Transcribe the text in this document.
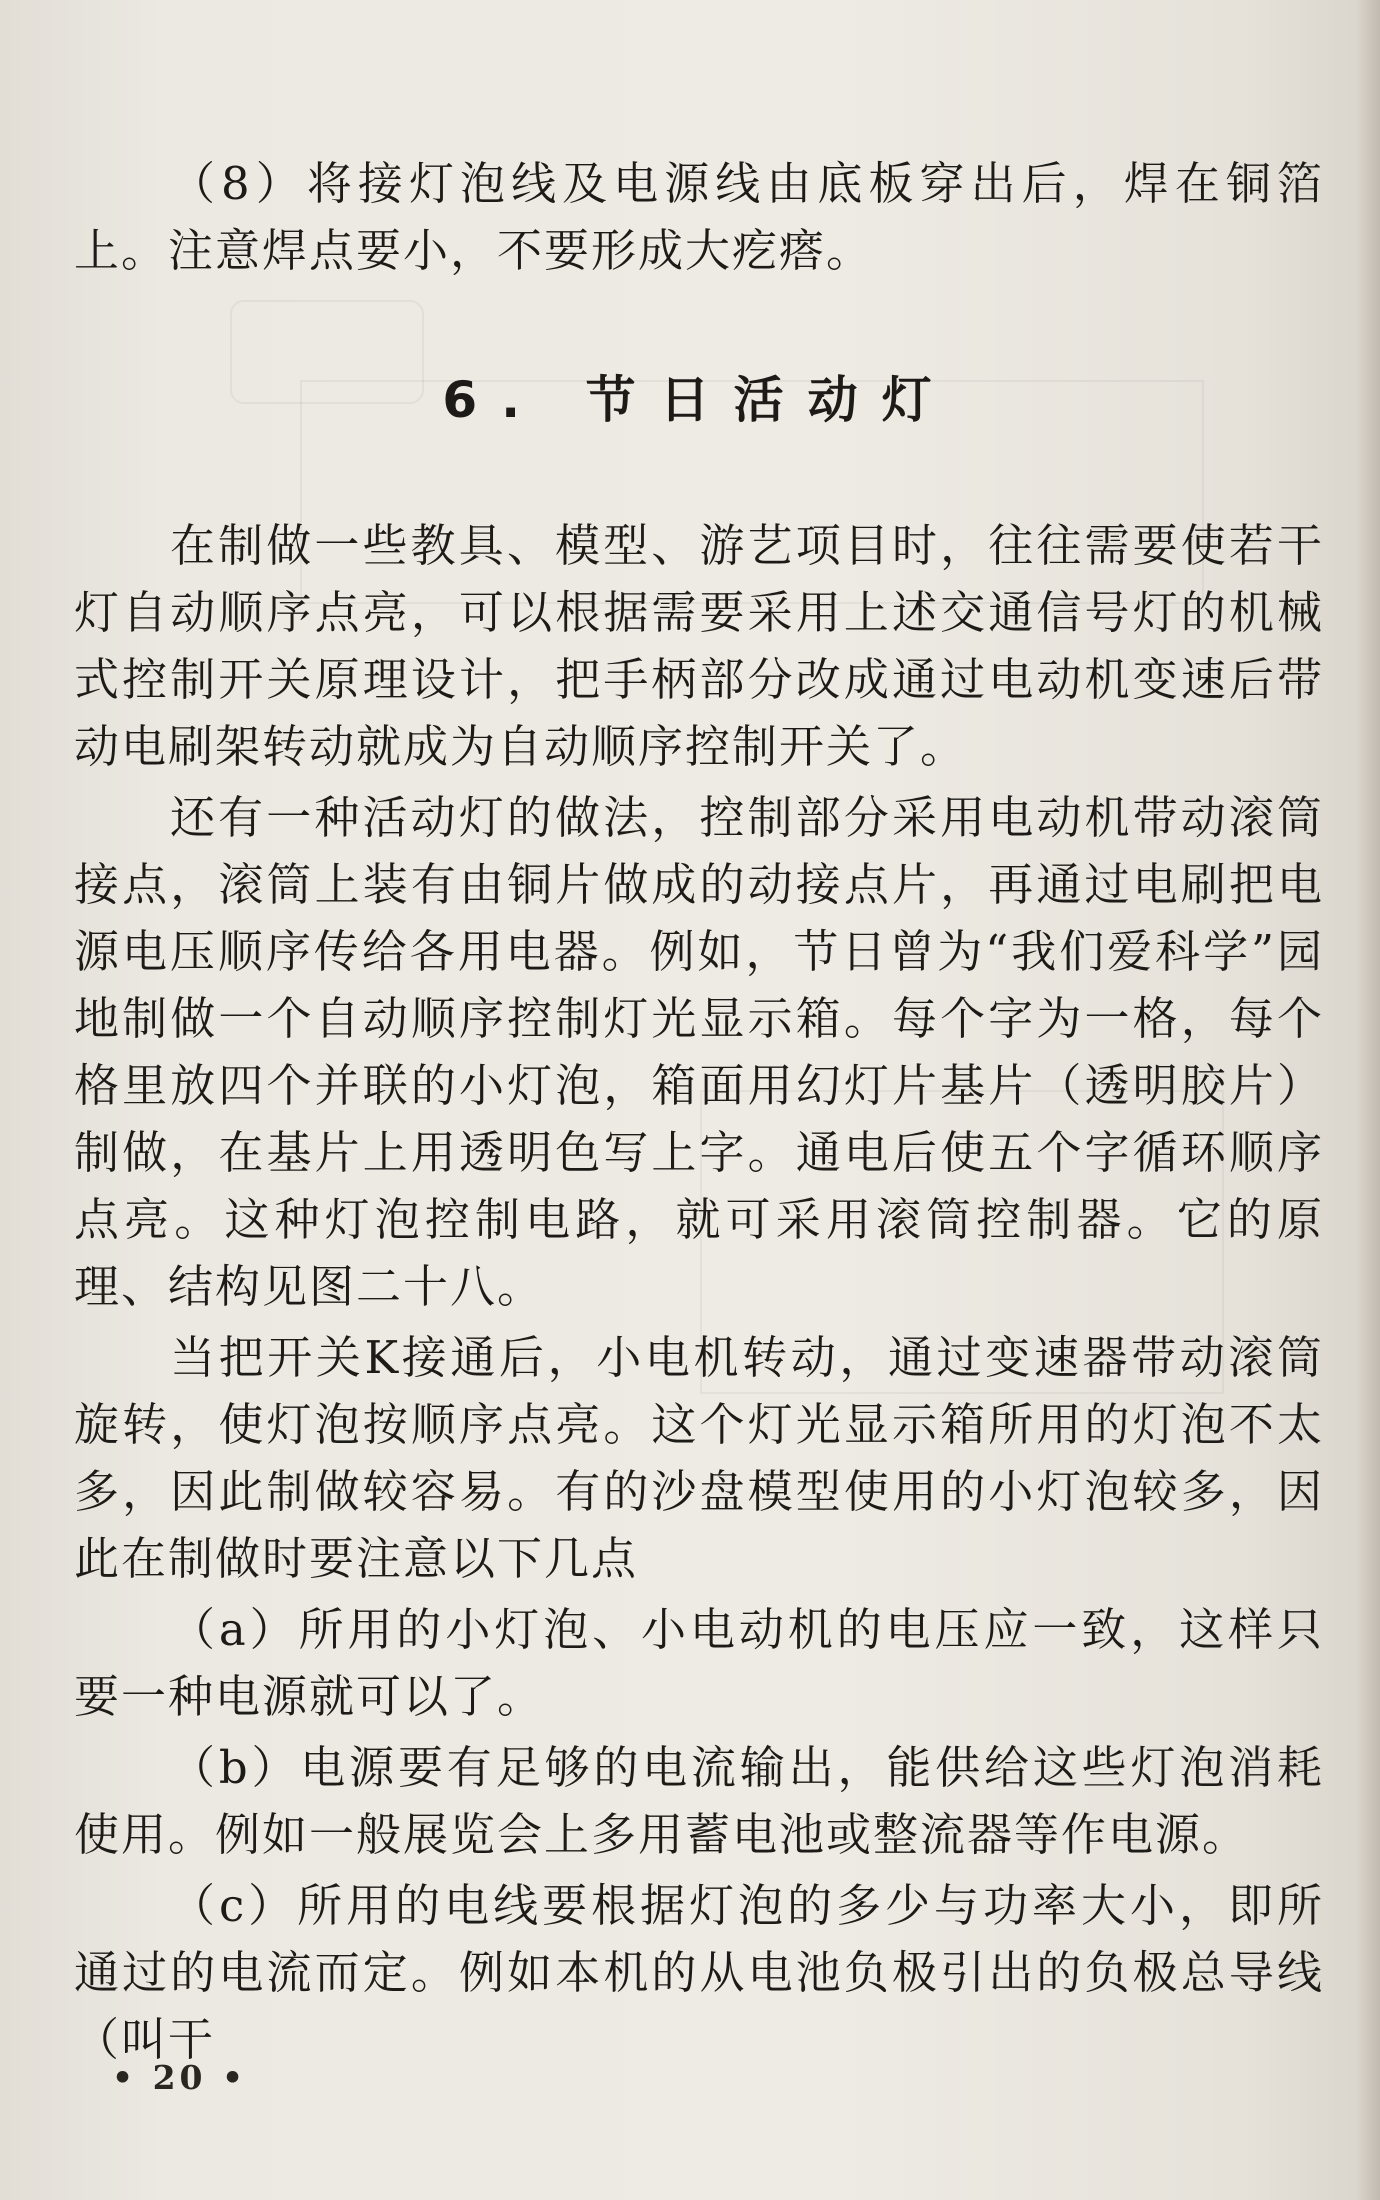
（8）将接灯泡线及电源线由底板穿出后，焊在铜箔上。注意焊点要小，不要形成大疙瘩。

6. 节日活动灯

在制做一些教具、模型、游艺项目时，往往需要使若干灯自动顺序点亮，可以根据需要采用上述交通信号灯的机械式控制开关原理设计，把手柄部分改成通过电动机变速后带动电刷架转动就成为自动顺序控制开关了。

还有一种活动灯的做法，控制部分采用电动机带动滚筒接点，滚筒上装有由铜片做成的动接点片，再通过电刷把电源电压顺序传给各用电器。例如，节日曾为“我们爱科学”园地制做一个自动顺序控制灯光显示箱。每个字为一格，每个格里放四个并联的小灯泡，箱面用幻灯片基片（透明胶片）制做，在基片上用透明色写上字。通电后使五个字循环顺序点亮。这种灯泡控制电路，就可采用滚筒控制器。它的原理、结构见图二十八。

当把开关K接通后，小电机转动，通过变速器带动滚筒旋转，使灯泡按顺序点亮。这个灯光显示箱所用的灯泡不太多，因此制做较容易。有的沙盘模型使用的小灯泡较多，因此在制做时要注意以下几点

（a）所用的小灯泡、小电动机的电压应一致，这样只要一种电源就可以了。

（b）电源要有足够的电流输出，能供给这些灯泡消耗使用。例如一般展览会上多用蓄电池或整流器等作电源。

（c）所用的电线要根据灯泡的多少与功率大小，即所通过的电流而定。例如本机的从电池负极引出的负极总导线（叫干

• 20 •
